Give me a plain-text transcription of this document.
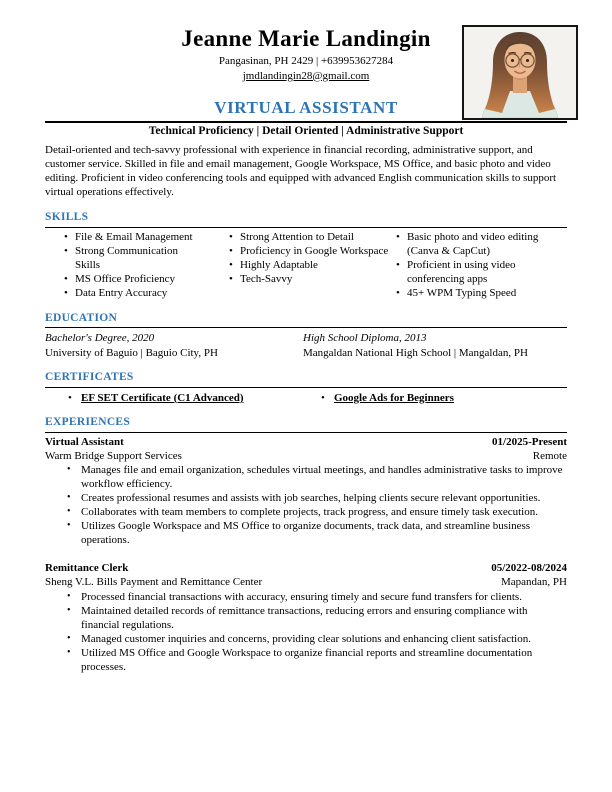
Jeanne Marie Landingin
Pangasinan, PH 2429 | +639953627284
jmdlandingin28@gmail.com
VIRTUAL ASSISTANT
Technical Proficiency | Detail Oriented | Administrative Support
Detail-oriented and tech-savvy professional with experience in financial recording, administrative support, and customer service. Skilled in file and email management, Google Workspace, MS Office, and basic photo and video editing. Proficient in video conferencing tools and equipped with advanced English communication skills to support virtual operations effectively.
SKILLS
• File & Email Management
• Strong Communication Skills
• MS Office Proficiency
• Data Entry Accuracy
• Strong Attention to Detail
• Proficiency in Google Workspace
• Highly Adaptable
• Tech-Savvy
• Basic photo and video editing (Canva & CapCut)
• Proficient in using video conferencing apps
• 45+ WPM Typing Speed
EDUCATION
Bachelor's Degree, 2020
University of Baguio | Baguio City, PH
High School Diploma, 2013
Mangaldan National High School | Mangaldan, PH
CERTIFICATES
• EF SET Certificate (C1 Advanced)	• Google Ads for Beginners
EXPERIENCES
Virtual Assistant	01/2025-Present
Warm Bridge Support Services	Remote
• Manages file and email organization, schedules virtual meetings, and handles administrative tasks to improve workflow efficiency.
• Creates professional resumes and assists with job searches, helping clients secure relevant opportunities.
• Collaborates with team members to complete projects, track progress, and ensure timely task execution.
• Utilizes Google Workspace and MS Office to organize documents, track data, and streamline business operations.
Remittance Clerk	05/2022-08/2024
Sheng V.L. Bills Payment and Remittance Center	Mapandan, PH
• Processed financial transactions with accuracy, ensuring timely and secure fund transfers for clients.
• Maintained detailed records of remittance transactions, reducing errors and ensuring compliance with financial regulations.
• Managed customer inquiries and concerns, providing clear solutions and enhancing client satisfaction.
• Utilized MS Office and Google Workspace to organize financial reports and streamline documentation processes.
